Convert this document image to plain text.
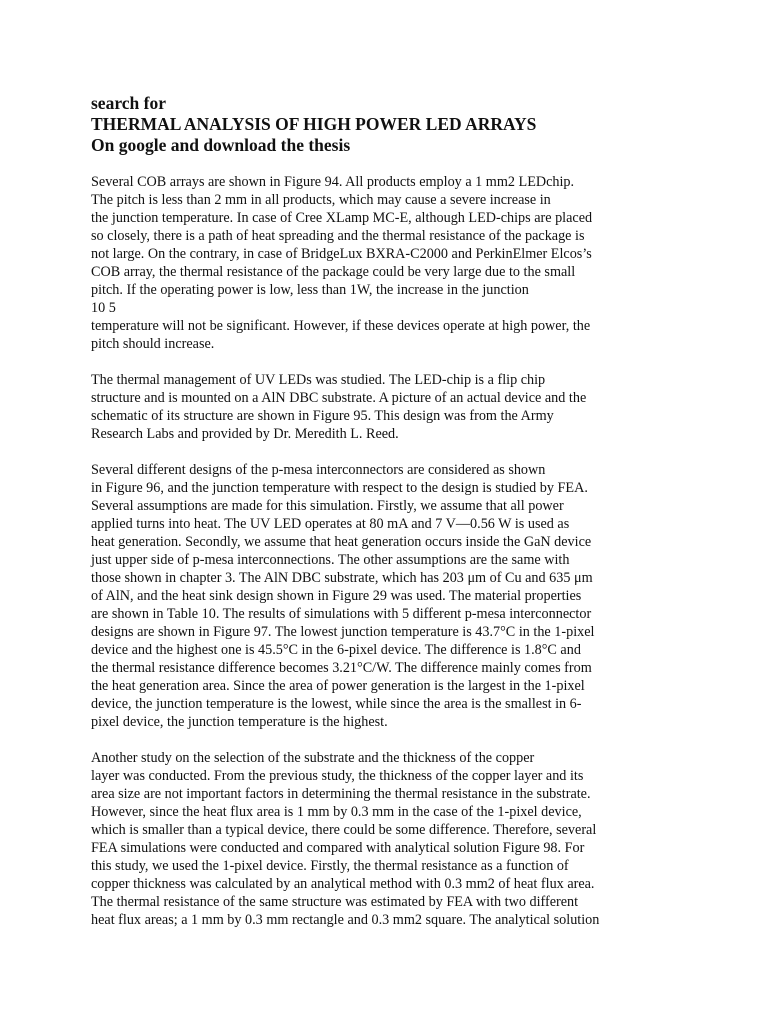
search for
THERMAL ANALYSIS OF HIGH POWER LED ARRAYS
On google and download the thesis
Several COB arrays are shown in Figure 94. All products employ a 1 mm2 LEDchip.
The pitch is less than 2 mm in all products, which may cause a severe increase in
the junction temperature. In case of Cree XLamp MC-E, although LED-chips are placed
so closely, there is a path of heat spreading and the thermal resistance of the package is
not large. On the contrary, in case of BridgeLux BXRA-C2000 and PerkinElmer Elcos’s
COB array, the thermal resistance of the package could be very large due to the small
pitch. If the operating power is low, less than 1W, the increase in the junction
10 5
temperature will not be significant. However, if these devices operate at high power, the
pitch should increase.
The thermal management of UV LEDs was studied. The LED-chip is a flip chip
structure and is mounted on a AlN DBC substrate. A picture of an actual device and the
schematic of its structure are shown in Figure 95. This design was from the Army
Research Labs and provided by Dr. Meredith L. Reed.
Several different designs of the p-mesa interconnectors are considered as shown
in Figure 96, and the junction temperature with respect to the design is studied by FEA.
Several assumptions are made for this simulation. Firstly, we assume that all power
applied turns into heat. The UV LED operates at 80 mA and 7 V—0.56 W is used as
heat generation. Secondly, we assume that heat generation occurs inside the GaN device
just upper side of p-mesa interconnections. The other assumptions are the same with
those shown in chapter 3. The AlN DBC substrate, which has 203 μm of Cu and 635 μm
of AlN, and the heat sink design shown in Figure 29 was used. The material properties
are shown in Table 10. The results of simulations with 5 different p-mesa interconnector
designs are shown in Figure 97. The lowest junction temperature is 43.7°C in the 1-pixel
device and the highest one is 45.5°C in the 6-pixel device. The difference is 1.8°C and
the thermal resistance difference becomes 3.21°C/W. The difference mainly comes from
the heat generation area. Since the area of power generation is the largest in the 1-pixel
device, the junction temperature is the lowest, while since the area is the smallest in 6-
pixel device, the junction temperature is the highest.
Another study on the selection of the substrate and the thickness of the copper
layer was conducted. From the previous study, the thickness of the copper layer and its
area size are not important factors in determining the thermal resistance in the substrate.
However, since the heat flux area is 1 mm by 0.3 mm in the case of the 1-pixel device,
which is smaller than a typical device, there could be some difference. Therefore, several
FEA simulations were conducted and compared with analytical solution Figure 98. For
this study, we used the 1-pixel device. Firstly, the thermal resistance as a function of
copper thickness was calculated by an analytical method with 0.3 mm2 of heat flux area.
The thermal resistance of the same structure was estimated by FEA with two different
heat flux areas; a 1 mm by 0.3 mm rectangle and 0.3 mm2 square. The analytical solution
